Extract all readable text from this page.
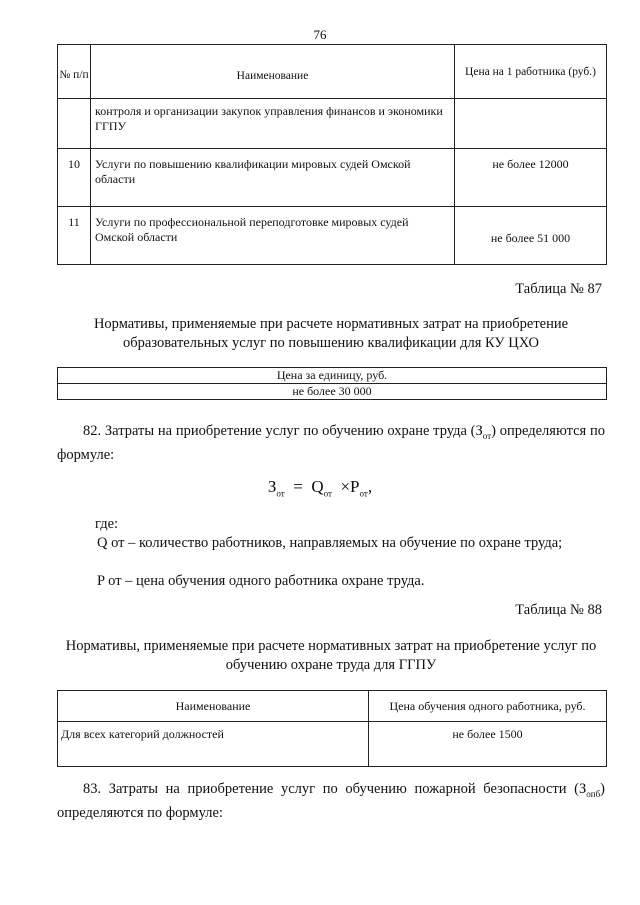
76
№ п/п	Наименование	Цена на 1 работника (руб.)
	контроля и организации закупок управления финансов и экономики ГГПУ	
10	Услуги по повышению квалификации мировых судей Омской области	не более 12000
11	Услуги по профессиональной переподготовке мировых судей Омской области	не более 51 000
Таблица № 87
Нормативы, применяемые при расчете нормативных затрат на приобретение образовательных услуг по повышению квалификации для КУ ЦХО
Цена за единицу, руб.
не более 30 000
82. Затраты на приобретение услуг по обучению охране труда $(З_{от})$ определяются по формуле:
$З_{от} = Q_{от} \times P_{от}$,
где:
Q от – количество работников, направляемых на обучение по охране труда;
P от – цена обучения одного работника охране труда.
Таблица № 88
Нормативы, применяемые при расчете нормативных затрат на приобретение услуг по обучению охране труда для ГГПУ
Наименование	Цена обучения одного работника, руб.
Для всех категорий должностей	не более 1500
83. Затраты на приобретение услуг по обучению пожарной безопасности $(З_{опб})$ определяются по формуле:
